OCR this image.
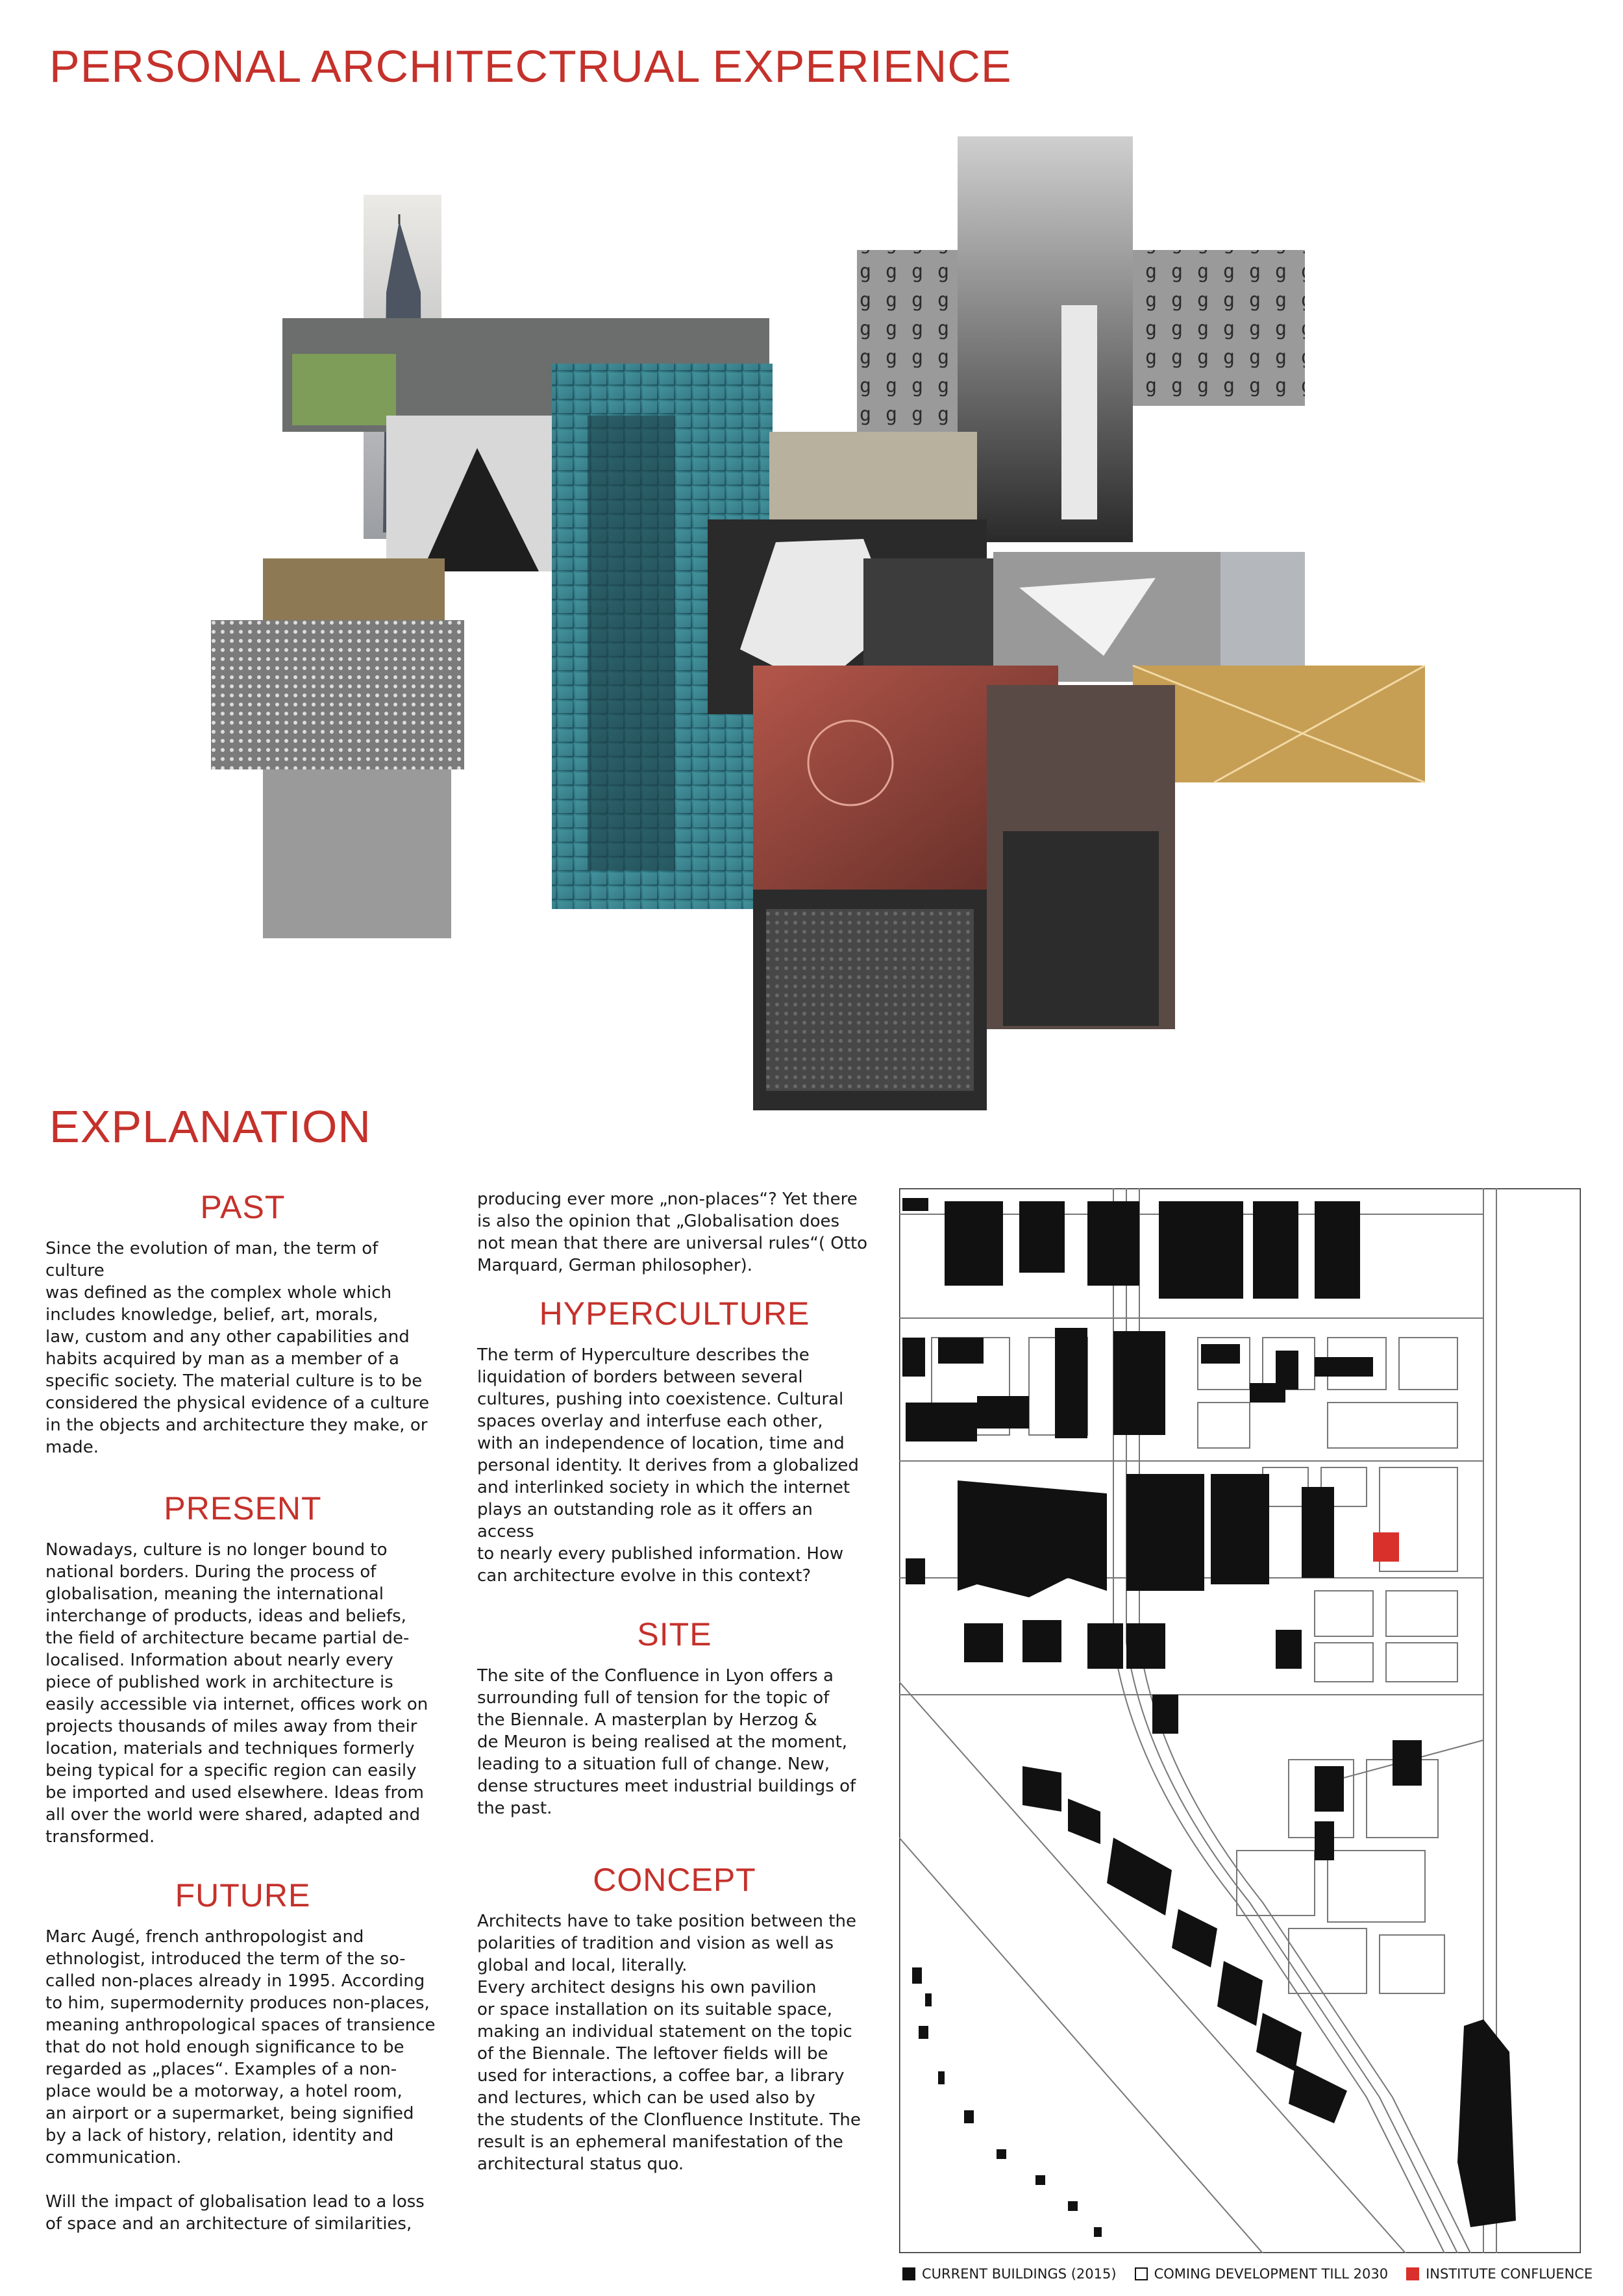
PERSONAL ARCHITECTRUAL EXPERIENCE
EXPLANATION
PAST

Since the evolution of man, the term of culture
was defined as the complex whole which
includes knowledge, belief, art, morals,
law, custom and any other capabilities and
habits acquired by man as a member of a
specific society. The material culture is to be
considered the physical evidence of a culture
in the objects and architecture they make, or
made.

PRESENT

Nowadays, culture is no longer bound to
national borders. During the process of
globalisation, meaning the international
interchange of products, ideas and beliefs,
the field of architecture became partial de-
localised. Information about nearly every
piece of published work in architecture is
easily accessible via internet, offices work on
projects thousands of miles away from their
location, materials and techniques formerly
being typical for a specific region can easily
be imported and used elsewhere. Ideas from
all over the world were shared, adapted and
transformed.

FUTURE

Marc Augé, french anthropologist and
ethnologist, introduced the term of the so-
called non-places already in 1995. According
to him, supermodernity produces non-places,
meaning anthropological spaces of transience
that do not hold enough significance to be
regarded as „places“. Examples of a non-
place would be a motorway, a hotel room,
an airport or a supermarket, being signified
by a lack of history, relation, identity and
communication.

Will the impact of globalisation lead to a loss
of space and an architecture of similarities,

producing ever more „non-places“? Yet there
is also the opinion that „Globalisation does
not mean that there are universal rules“( Otto
Marquard, German philosopher).

HYPERCULTURE

The term of Hyperculture describes the
liquidation of borders between several
cultures, pushing into coexistence. Cultural
spaces overlay and interfuse each other,
with an independence of location, time and
personal identity. It derives from a globalized
and interlinked society in which the internet
plays an outstanding role as it offers an access
to nearly every published information. How
can architecture evolve in this context?

SITE

The site of the Confluence in Lyon offers a
surrounding full of tension for the topic of
the Biennale. A masterplan by Herzog &
de Meuron is being realised at the moment,
leading to a situation full of change. New,
dense structures meet industrial buildings of
the past.

CONCEPT

Architects have to take position between the
polarities of tradition and vision as well as
global and local, literally.
Every architect designs his own pavilion
or space installation on its suitable space,
making an individual statement on the topic
of the Biennale. The leftover fields will be
used for interactions, a coffee bar, a library
and lectures, which can be used also by
the students of the Clonfluence Institute. The
result is an ephemeral manifestation of the
architectural status quo.

CURRENT BUILDINGS (2015)	COMING DEVELOPMENT TILL 2030	INSTITUTE CONFLUENCE
